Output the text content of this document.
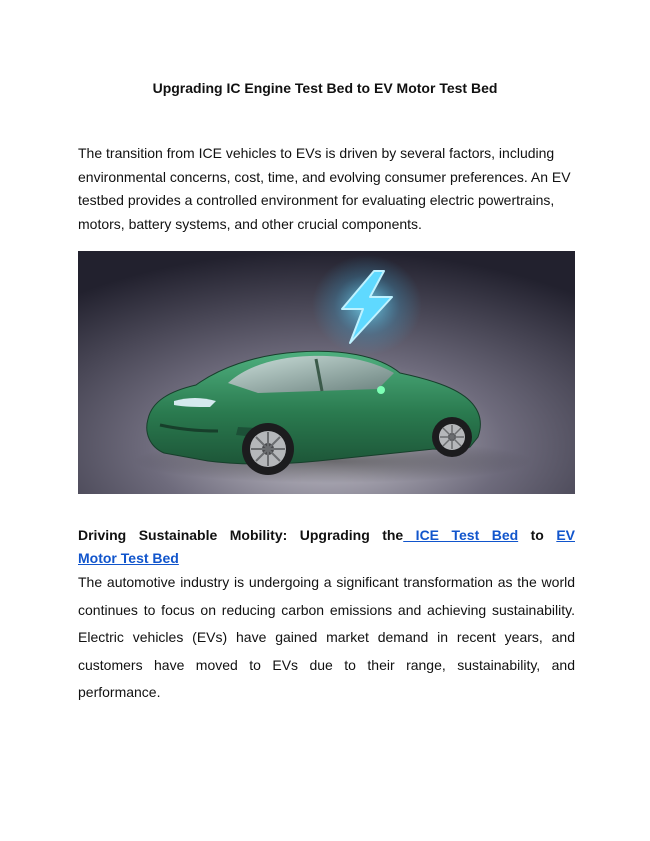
Upgrading IC Engine Test Bed to EV Motor Test Bed

The transition from ICE vehicles to EVs is driven by several factors, including environmental concerns, cost, time, and evolving consumer preferences. An EV testbed provides a controlled environment for evaluating electric powertrains, motors, battery systems, and other crucial components.

Driving Sustainable Mobility: Upgrading the ICE Test Bed to EV

Motor Test Bed

The automotive industry is undergoing a significant transformation as the world continues to focus on reducing carbon emissions and achieving sustainability. Electric vehicles (EVs) have gained market demand in recent years, and customers have moved to EVs due to their range, sustainability, and performance.
